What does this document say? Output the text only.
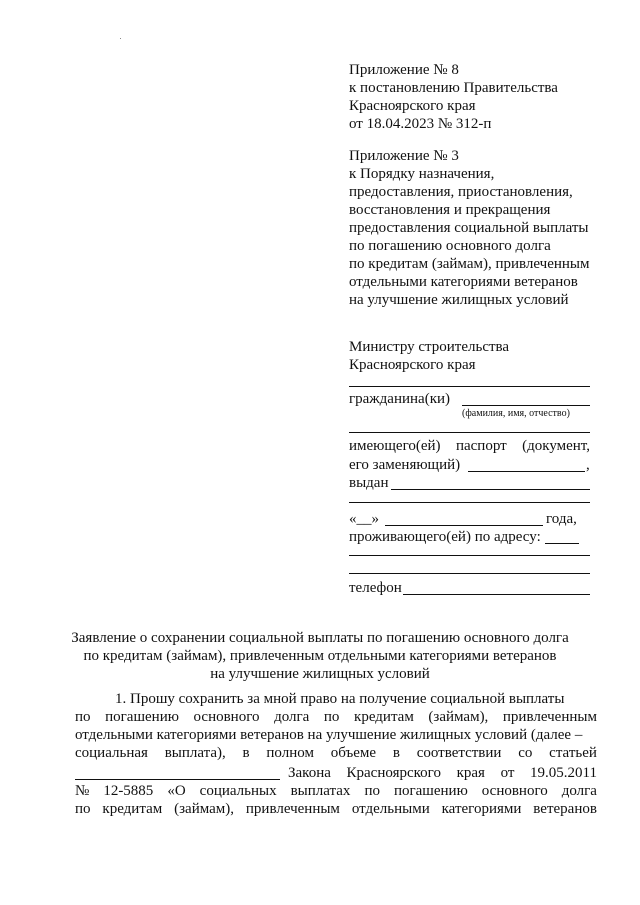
Приложение № 8
к постановлению Правительства
Красноярского края
от 18.04.2023 № 312-п
Приложение № 3
к Порядку назначения,
предоставления, приостановления,
восстановления и прекращения
предоставления социальной выплаты
по погашению основного долга
по кредитам (займам), привлеченным
отдельными категориями ветеранов
на улучшение жилищных условий
Министру строительства
Красноярского края
гражданина(ки)
(фамилия, имя, отчество)
имеющего(ей) паспорт (документ,
его заменяющий)	,
выдан
«__»	года,
проживающего(ей) по адресу:
телефон
Заявление о сохранении социальной выплаты по погашению основного долга
по кредитам (займам), привлеченным отдельными категориями ветеранов
на улучшение жилищных условий
1. Прошу сохранить за мной право на получение социальной выплаты
по погашению основного долга по кредитам (займам), привлеченным
отдельными категориями ветеранов на улучшение жилищных условий (далее –
социальная выплата), в полном объеме в соответствии со статьей
Закона Красноярского края от 19.05.2011
№ 12-5885 «О социальных выплатах по погашению основного долга
по кредитам (займам), привлеченным отдельными категориями ветеранов
